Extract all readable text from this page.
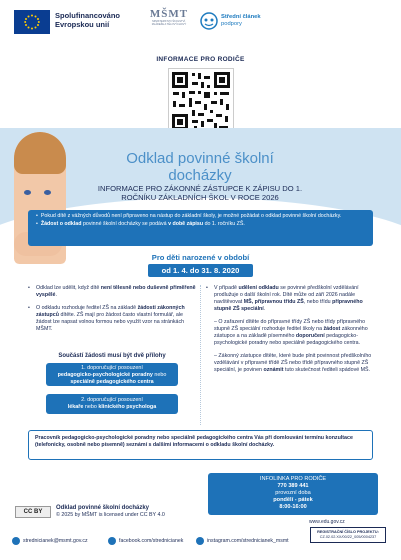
Spolufinancováno Evropskou unií
MŠMT
MINISTERSTVO ŠKOLSTVÍ, MLÁDEŽE A TĚLOVÝCHOVY
Střední článek
podpory
INFORMACE PRO RODIČE
Odklad povinné školní docházky
INFORMACE PRO ZÁKONNÉ ZÁSTUPCE K ZÁPISU DO 1. ROČNÍKU ZÁKLADNÍCH ŠKOL V ROCE 2026
• Pokud dítě z vážných důvodů není připraveno na nástup do základní školy, je možné požádat o odklad povinné školní docházky.
• Žádost o odklad povinné školní docházky se podává v době zápisu do 1. ročníku ZŠ.
Pro děti narozené v období
od 1. 4. do 31. 8. 2020
•	Odklad lze udělit, když dítě není tělesně nebo duševně přiměřeně vyspělé.
•	O odkladu rozhoduje ředitel ZŠ na základě žádosti zákonných zástupců dítěte. ZŠ mají pro žádost často vlastní formulář, ale žádost lze napsat volnou formou nebo využít vzor na stránkách MŠMT.
Součástí žádosti musí být dvě přílohy
1. doporučující posouzení
pedagogicko-psychologické poradny nebo
speciálně pedagogického centra
2. doporučující posouzení
lékaře nebo klinického psychologa
•	V případě udělení odkladu se povinné předškolní vzdělávání prodlužuje o další školní rok. Dítě může od září 2026 nadále navštěvovat MŠ, přípravnou třídu ZŠ, nebo třídu přípravného stupně ZŠ speciální.
– O zařazení dítěte do přípravné třídy ZŠ nebo třídy přípravného stupně ZŠ speciální rozhoduje ředitel školy na žádost zákonného zástupce a na základě písemného doporučení pedagogicko-psychologické poradny nebo speciálně pedagogického centra.
– Zákonný zástupce dítěte, které bude plnit povinnost předškolního vzdělávání v přípravné třídě ZŠ nebo třídě přípravného stupně ZŠ speciální, je povinen oznámit tuto skutečnost řediteli spádové MŠ.
Pracovník pedagogicko-psychologické poradny nebo speciálně pedagogického centra Vás při domlouvání termínu konzultace (telefonicky, osobně nebo písemně) seznámí s dalšími informacemi o odkladu školní docházky.
INFOLINKA PRO RODIČE
770 389 441
provozní doba
pondělí - pátek
8:00-16:00
CC BY
Odklad povinné školní docházky
© 2025 by MŠMT is licensed under CC BY 4.0
www.edu.gov.cz
REGISTRAČNÍ ČÍSLO PROJEKTU:
CZ.02.02.XX/00/22_005/0004237
strednicianek@msmt.gov.cz	facebook.com/strednicianek	instagram.com/strednicianek_msmt
